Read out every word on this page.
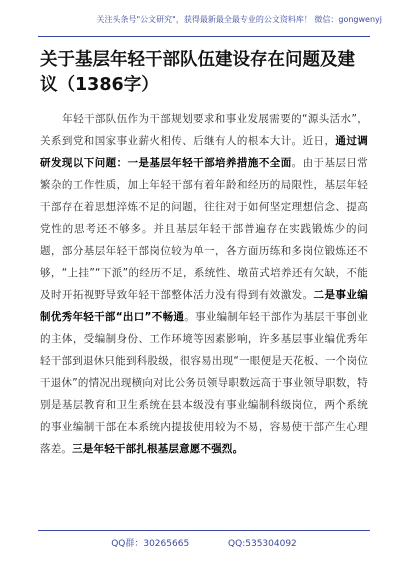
关注头条号"公文研究"，获得最新最全最专业的公文资料库！ 微信：gongwenyj
关于基层年轻干部队伍建设存在问题及建议（1386字）
年轻干部队伍作为干部规划要求和事业发展需要的“源头活水”，关系到党和国家事业薪火相传、后继有人的根本大计。近日，通过调研发现以下问题：一是基层年轻干部培养措施不全面。由于基层日常繁杂的工作性质，加上年轻干部有着年龄和经历的局限性，基层年轻干部存在着思想淬炼不足的问题，往往对于如何坚定理想信念、提高党性的思考还不够多。并且基层年轻干部普遍存在实践锻炼少的问题，部分基层年轻干部岗位较为单一，各方面历练和多岗位锻炼还不够，“上挂”“下派”的经历不足，系统性、墩苗式培养还有欠缺，不能及时开拓视野导致年轻干部整体活力没有得到有效激发。二是事业编制优秀年轻干部“出口”不畅通。事业编制年轻干部作为基层干事创业的主体，受编制身份、工作环境等因素影响，许多基层事业编优秀年轻干部到退休只能到科股级，很容易出现“一眼便是天花板、一个岗位干退休”的情况出现横向对比公务员领导职数远高于事业领导职数，特别是基层教育和卫生系统在县本级没有事业编制科级岗位，两个系统的事业编制干部在本系统内提拔使用较为不易，容易使干部产生心理落差。三是年轻干部扎根基层意愿不强烈。
QQ群：30265665	QQ:535304092
